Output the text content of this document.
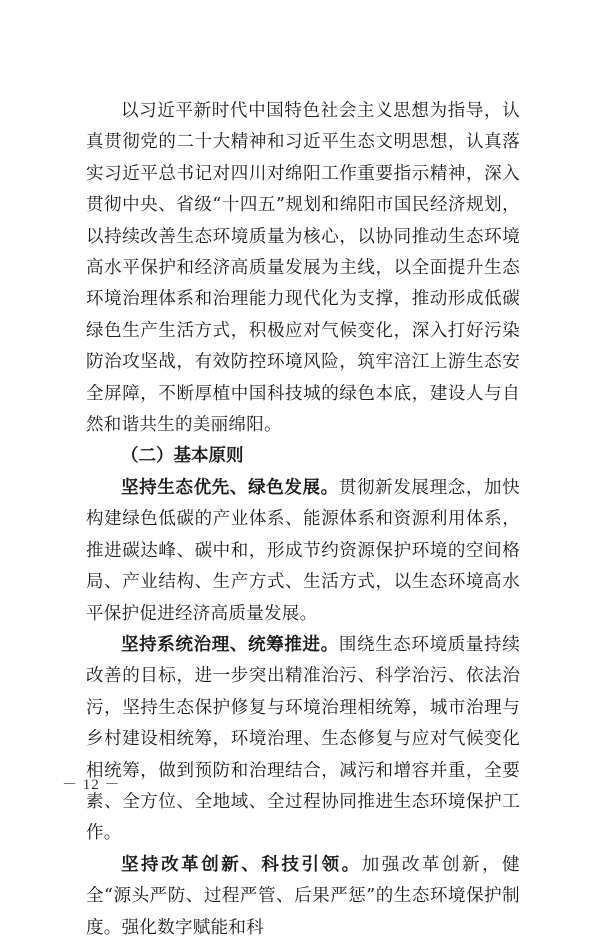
以习近平新时代中国特色社会主义思想为指导，认真贯彻党的二十大精神和习近平生态文明思想，认真落实习近平总书记对四川对绵阳工作重要指示精神，深入贯彻中央、省级“十四五”规划和绵阳市国民经济规划，以持续改善生态环境质量为核心，以协同推动生态环境高水平保护和经济高质量发展为主线，以全面提升生态环境治理体系和治理能力现代化为支撑，推动形成低碳绿色生产生活方式，积极应对气候变化，深入打好污染防治攻坚战，有效防控环境风险，筑牢涪江上游生态安全屏障，不断厚植中国科技城的绿色本底，建设人与自然和谐共生的美丽绵阳。

（二）基本原则

坚持生态优先、绿色发展。贯彻新发展理念，加快构建绿色低碳的产业体系、能源体系和资源利用体系，推进碳达峰、碳中和，形成节约资源保护环境的空间格局、产业结构、生产方式、生活方式，以生态环境高水平保护促进经济高质量发展。

坚持系统治理、统筹推进。围绕生态环境质量持续改善的目标，进一步突出精准治污、科学治污、依法治污，坚持生态保护修复与环境治理相统筹，城市治理与乡村建设相统筹，环境治理、生态修复与应对气候变化相统筹，做到预防和治理结合，减污和增容并重，全要素、全方位、全地域、全过程协同推进生态环境保护工作。

坚持改革创新、科技引领。加强改革创新，健全“源头严防、过程严管、后果严惩”的生态环境保护制度。强化数字赋能和科

－ 12 －
